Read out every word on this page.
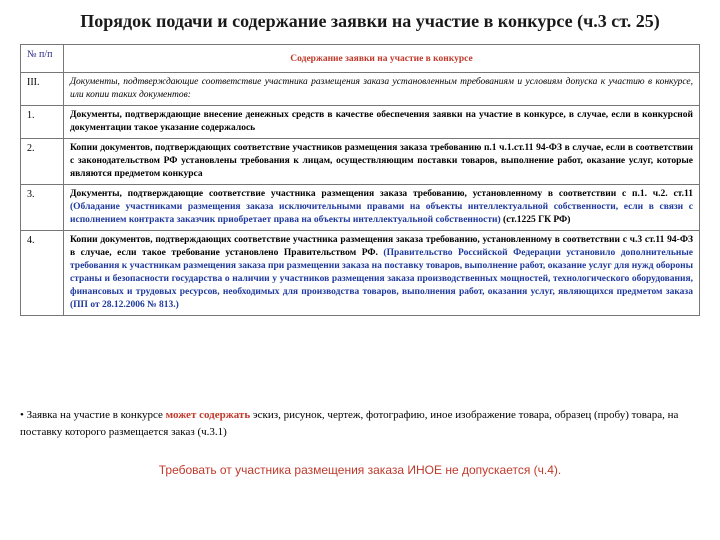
Порядок подачи и содержание заявки на участие в конкурсе (ч.3 ст. 25)
№ п/п	Содержание заявки на участие в конкурсе
III.	Документы, подтверждающие соответствие участника размещения заказа установленным требованиям и условиям допуска к участию в конкурсе, или копии таких документов:
1.	Документы, подтверждающие внесение денежных средств в качестве обеспечения заявки на участие в конкурсе, в случае, если в конкурсной документации такое указание содержалось
2.	Копии документов, подтверждающих соответствие участников размещения заказа требованию п.1 ч.1.ст.11 94-ФЗ в случае, если в соответствии с законодательством РФ установлены требования к лицам, осуществляющим поставки товаров, выполнение работ, оказание услуг, которые являются предметом конкурса
3.	Документы, подтверждающие соответствие участника размещения заказа требованию, установленному в соответствии с п.1. ч.2. ст.11 (Обладание участниками размещения заказа исключительными правами на объекты интеллектуальной собственности, если в связи с исполнением контракта заказчик приобретает права на объекты интеллектуальной собственности) (ст.1225 ГК РФ)
4.	Копии документов, подтверждающих соответствие участника размещения заказа требованию, установленному в соответствии с ч.3 ст.11 94-ФЗ в случае, если такое требование установлено Правительством РФ. (Правительство Российской Федерации установило дополнительные требования к участникам размещения заказа при размещении заказа на поставку товаров, выполнение работ, оказание услуг для нужд обороны страны и безопасности государства о наличии у участников размещения заказа производственных мощностей, технологического оборудования, финансовых и трудовых ресурсов, необходимых для производства товаров, выполнения работ, оказания услуг, являющихся предметом заказа (ПП от 28.12.2006 № 813.)
• Заявка на участие в конкурсе может содержать эскиз, рисунок, чертеж, фотографию, иное изображение товара, образец (пробу) товара, на поставку которого размещается заказ (ч.3.1)
Требовать от участника размещения заказа ИНОЕ не допускается (ч.4).
